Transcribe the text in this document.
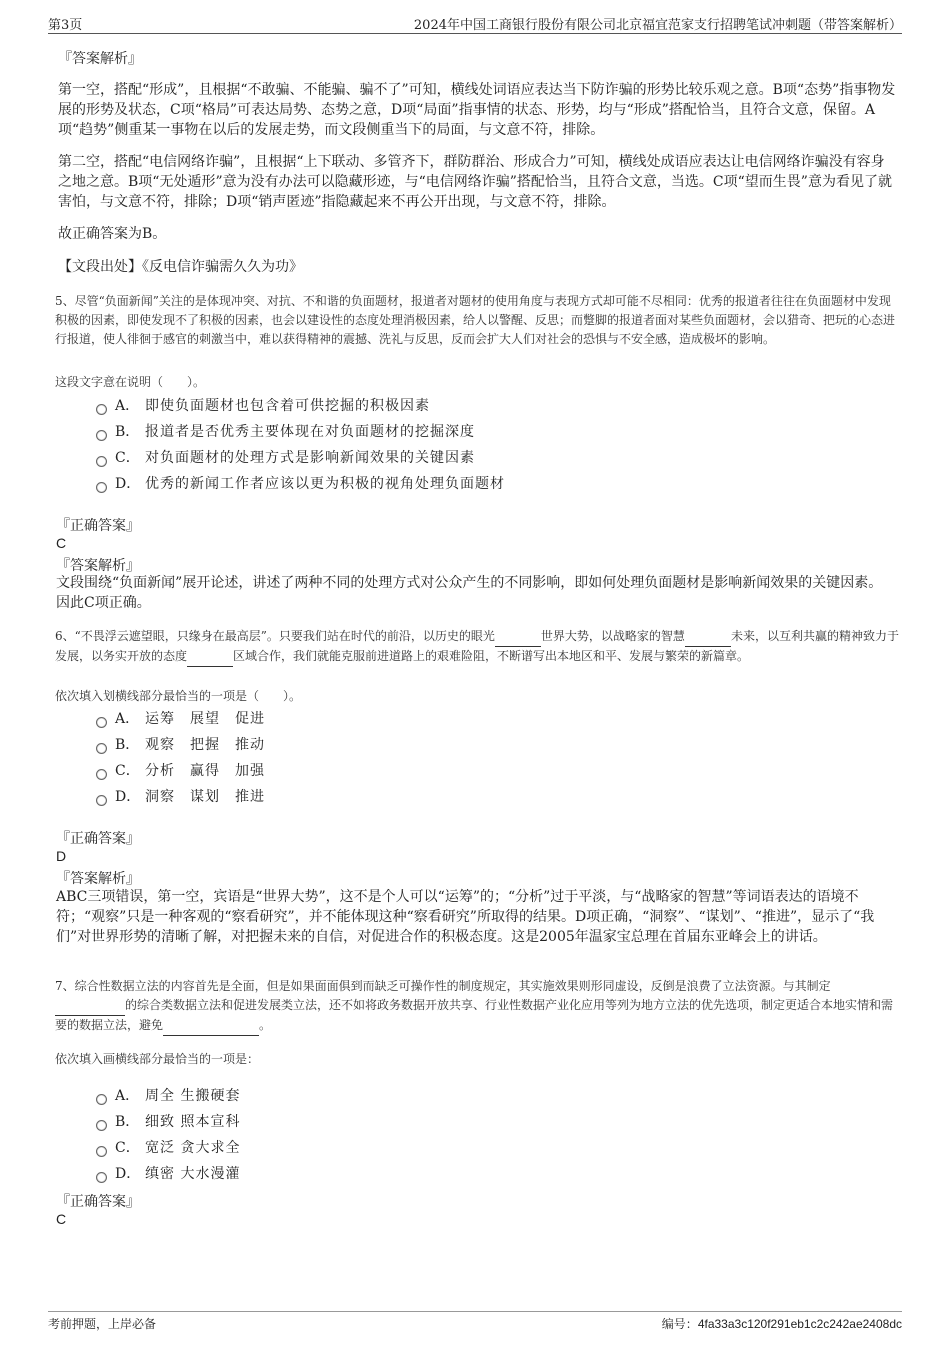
第3页	2024年中国工商银行股份有限公司北京福宜范家支行招聘笔试冲刺题（带答案解析）
『答案解析』

第一空，搭配“形成”，且根据“不敢骗、不能骗、骗不了”可知，横线处词语应表达当下防诈骗的形势比较乐观之意。B项“态势”指事物发展的形势及状态，C项“格局”可表达局势、态势之意，D项“局面”指事情的状态、形势，均与“形成”搭配恰当，且符合文意，保留。A项“趋势”侧重某一事物在以后的发展走势，而文段侧重当下的局面，与文意不符，排除。

第二空，搭配“电信网络诈骗”，且根据“上下联动、多管齐下，群防群治、形成合力”可知，横线处成语应表达让电信网络诈骗没有容身之地之意。B项“无处遁形”意为没有办法可以隐藏形迹，与“电信网络诈骗”搭配恰当，且符合文意，当选。C项“望而生畏”意为看见了就害怕，与文意不符，排除；D项“销声匿迹”指隐藏起来不再公开出现，与文意不符，排除。

故正确答案为B。

【文段出处】《反电信诈骗需久久为功》
5、尽管“负面新闻”关注的是体现冲突、对抗、不和谐的负面题材，报道者对题材的使用角度与表现方式却可能不尽相同：优秀的报道者往往在负面题材中发现积极的因素，即使发现不了积极的因素，也会以建设性的态度处理消极因素，给人以警醒、反思；而蹩脚的报道者面对某些负面题材，会以猎奇、把玩的心态进行报道，使人徘徊于感官的刺激当中，难以获得精神的震撼、洗礼与反思，反而会扩大人们对社会的恐惧与不安全感，造成极坏的影响。
这段文字意在说明（　　）。
A． 即使负面题材也包含着可供挖掘的积极因素
B． 报道者是否优秀主要体现在对负面题材的挖掘深度
C． 对负面题材的处理方式是影响新闻效果的关键因素
D． 优秀的新闻工作者应该以更为积极的视角处理负面题材
『正确答案』
C
『答案解析』
文段围绕“负面新闻”展开论述，讲述了两种不同的处理方式对公众产生的不同影响，即如何处理负面题材是影响新闻效果的关键因素。因此C项正确。
6、“不畏浮云遮望眼，只缘身在最高层”。只要我们站在时代的前沿，以历史的眼光	世界大势，以战略家的智慧	未来，以互利共赢的精神致力于发展，以务实开放的态度	区域合作，我们就能克服前进道路上的艰难险阻，不断谱写出本地区和平、发展与繁荣的新篇章。
依次填入划横线部分最恰当的一项是（　　）。
A． 运筹　展望　促进
B． 观察　把握　推动
C． 分析　赢得　加强
D． 洞察　谋划　推进
『正确答案』
D
『答案解析』
ABC三项错误，第一空，宾语是“世界大势”，这不是个人可以“运筹”的；“分析”过于平淡，与“战略家的智慧”等词语表达的语境不符；“观察”只是一种客观的“察看研究”，并不能体现这种“察看研究”所取得的结果。D项正确，“洞察”、“谋划”、“推进”，显示了“我们”对世界形势的清晰了解，对把握未来的自信，对促进合作的积极态度。这是2005年温家宝总理在首届东亚峰会上的讲话。
7、综合性数据立法的内容首先是全面，但是如果面面俱到而缺乏可操作性的制度规定，其实施效果则形同虚设，反倒是浪费了立法资源。与其制定 的综合类数据立法和促进发展类立法，还不如将政务数据开放共享、行业性数据产业化应用等列为地方立法的优先选项，制定更适合本地实情和需要的数据立法，避免	。
依次填入画横线部分最恰当的一项是：
A． 周全 生搬硬套
B． 细致 照本宣科
C． 宽泛 贪大求全
D． 缜密 大水漫灌
『正确答案』
C
考前押题，上岸必备	编号：4fa33a3c120f291eb1c2c242ae2408dc
